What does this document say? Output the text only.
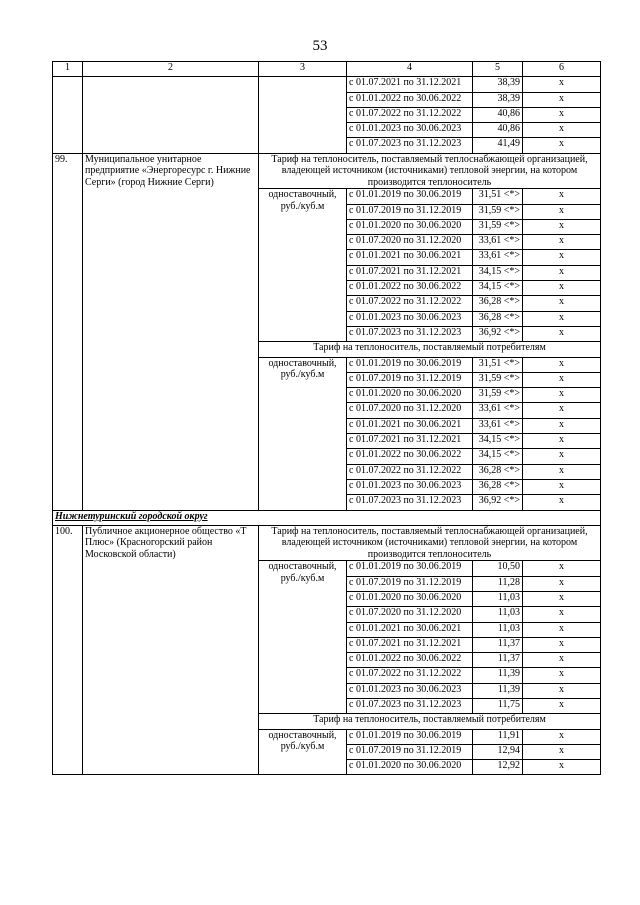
53
1	2	3	4	5	6
			с 01.07.2021 по 31.12.2021	38,39	x
			с 01.01.2022 по 30.06.2022	38,39	x
			с 01.07.2022 по 31.12.2022	40,86	x
			с 01.01.2023 по 30.06.2023	40,86	x
			с 01.07.2023 по 31.12.2023	41,49	x
99.	Муниципальное унитарное предприятие «Энергоресурс г. Нижние Серги» (город Нижние Серги)	Тариф на теплоноситель, поставляемый теплоснабжающей организацией, владеющей источником (источниками) тепловой энергии, на котором производится теплоноситель			
		одноставочный, руб./куб.м	с 01.01.2019 по 30.06.2019	31,51 <*>	x
			с 01.07.2019 по 31.12.2019	31,59 <*>	x
			с 01.01.2020 по 30.06.2020	31,59 <*>	x
			с 01.07.2020 по 31.12.2020	33,61 <*>	x
			с 01.01.2021 по 30.06.2021	33,61 <*>	x
			с 01.07.2021 по 31.12.2021	34,15 <*>	x
			с 01.01.2022 по 30.06.2022	34,15 <*>	x
			с 01.07.2022 по 31.12.2022	36,28 <*>	x
			с 01.01.2023 по 30.06.2023	36,28 <*>	x
			с 01.07.2023 по 31.12.2023	36,92 <*>	x
		Тариф на теплоноситель, поставляемый потребителям			
		одноставочный, руб./куб.м	с 01.01.2019 по 30.06.2019	31,51 <*>	x
			с 01.07.2019 по 31.12.2019	31,59 <*>	x
			с 01.01.2020 по 30.06.2020	31,59 <*>	x
			с 01.07.2020 по 31.12.2020	33,61 <*>	x
			с 01.01.2021 по 30.06.2021	33,61 <*>	x
			с 01.07.2021 по 31.12.2021	34,15 <*>	x
			с 01.01.2022 по 30.06.2022	34,15 <*>	x
			с 01.07.2022 по 31.12.2022	36,28 <*>	x
			с 01.01.2023 по 30.06.2023	36,28 <*>	x
			с 01.07.2023 по 31.12.2023	36,92 <*>	x
Нижнетуринский городской округ					
100.	Публичное акционерное общество «Т Плюс» (Красногорский район Московской области)	Тариф на теплоноситель, поставляемый теплоснабжающей организацией, владеющей источником (источниками) тепловой энергии, на котором производится теплоноситель			
		одноставочный, руб./куб.м	с 01.01.2019 по 30.06.2019	10,50	x
			с 01.07.2019 по 31.12.2019	11,28	x
			с 01.01.2020 по 30.06.2020	11,03	x
			с 01.07.2020 по 31.12.2020	11,03	x
			с 01.01.2021 по 30.06.2021	11,03	x
			с 01.07.2021 по 31.12.2021	11,37	x
			с 01.01.2022 по 30.06.2022	11,37	x
			с 01.07.2022 по 31.12.2022	11,39	x
			с 01.01.2023 по 30.06.2023	11,39	x
			с 01.07.2023 по 31.12.2023	11,75	x
		Тариф на теплоноситель, поставляемый потребителям			
		одноставочный, руб./куб.м	с 01.01.2019 по 30.06.2019	11,91	x
			с 01.07.2019 по 31.12.2019	12,94	x
			с 01.01.2020 по 30.06.2020	12,92	x
